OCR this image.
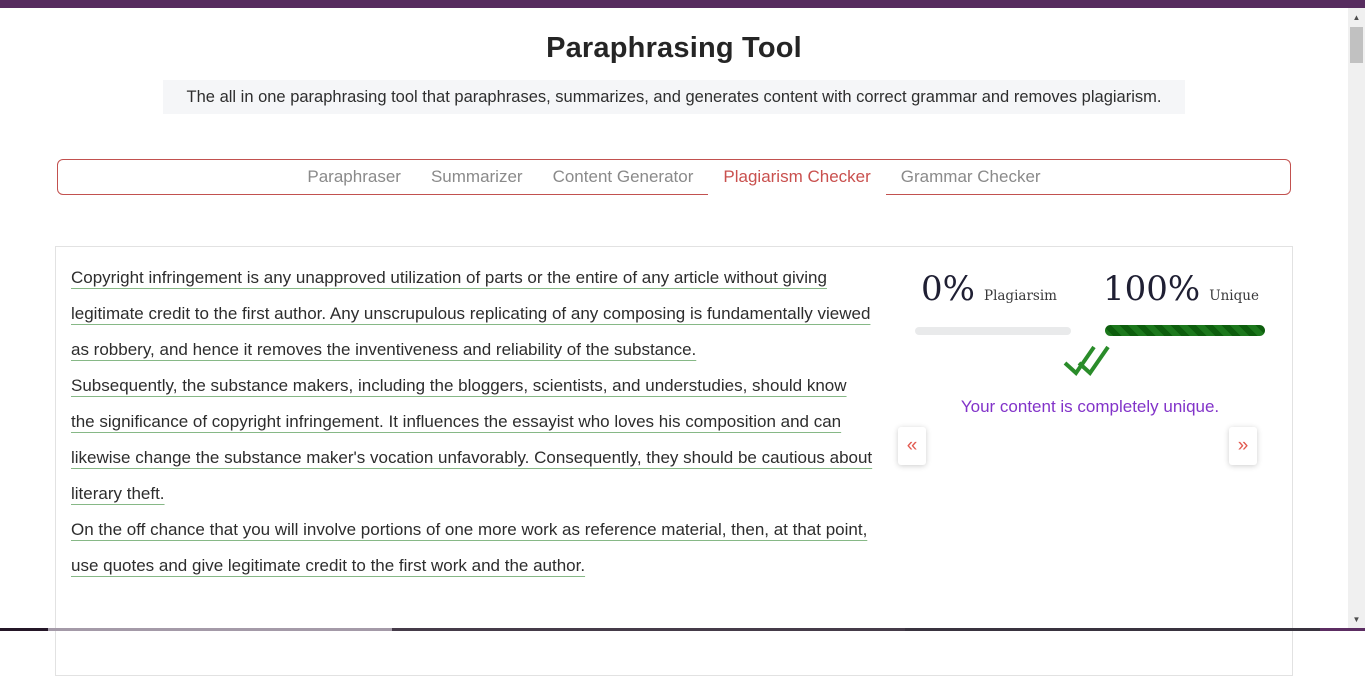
Paraphrasing Tool
The all in one paraphrasing tool that paraphrases, summarizes, and generates content with correct grammar and removes plagiarism.
Paraphraser	Summarizer	Content Generator	Plagiarism Checker	Grammar Checker

Copyright infringement is any unapproved utilization of parts or the entire of any article without giving legitimate credit to the first author. Any unscrupulous replicating of any composing is fundamentally viewed as robbery, and hence it removes the inventiveness and reliability of the substance.

Subsequently, the substance makers, including the bloggers, scientists, and understudies, should know the significance of copyright infringement. It influences the essayist who loves his composition and can likewise change the substance maker's vocation unfavorably. Consequently, they should be cautious about literary theft.

On the off chance that you will involve portions of one more work as reference material, then, at that point, use quotes and give legitimate credit to the first work and the author.

0% Plagiarsim 100% Unique
Your content is completely unique.
«	»
▲
▼
